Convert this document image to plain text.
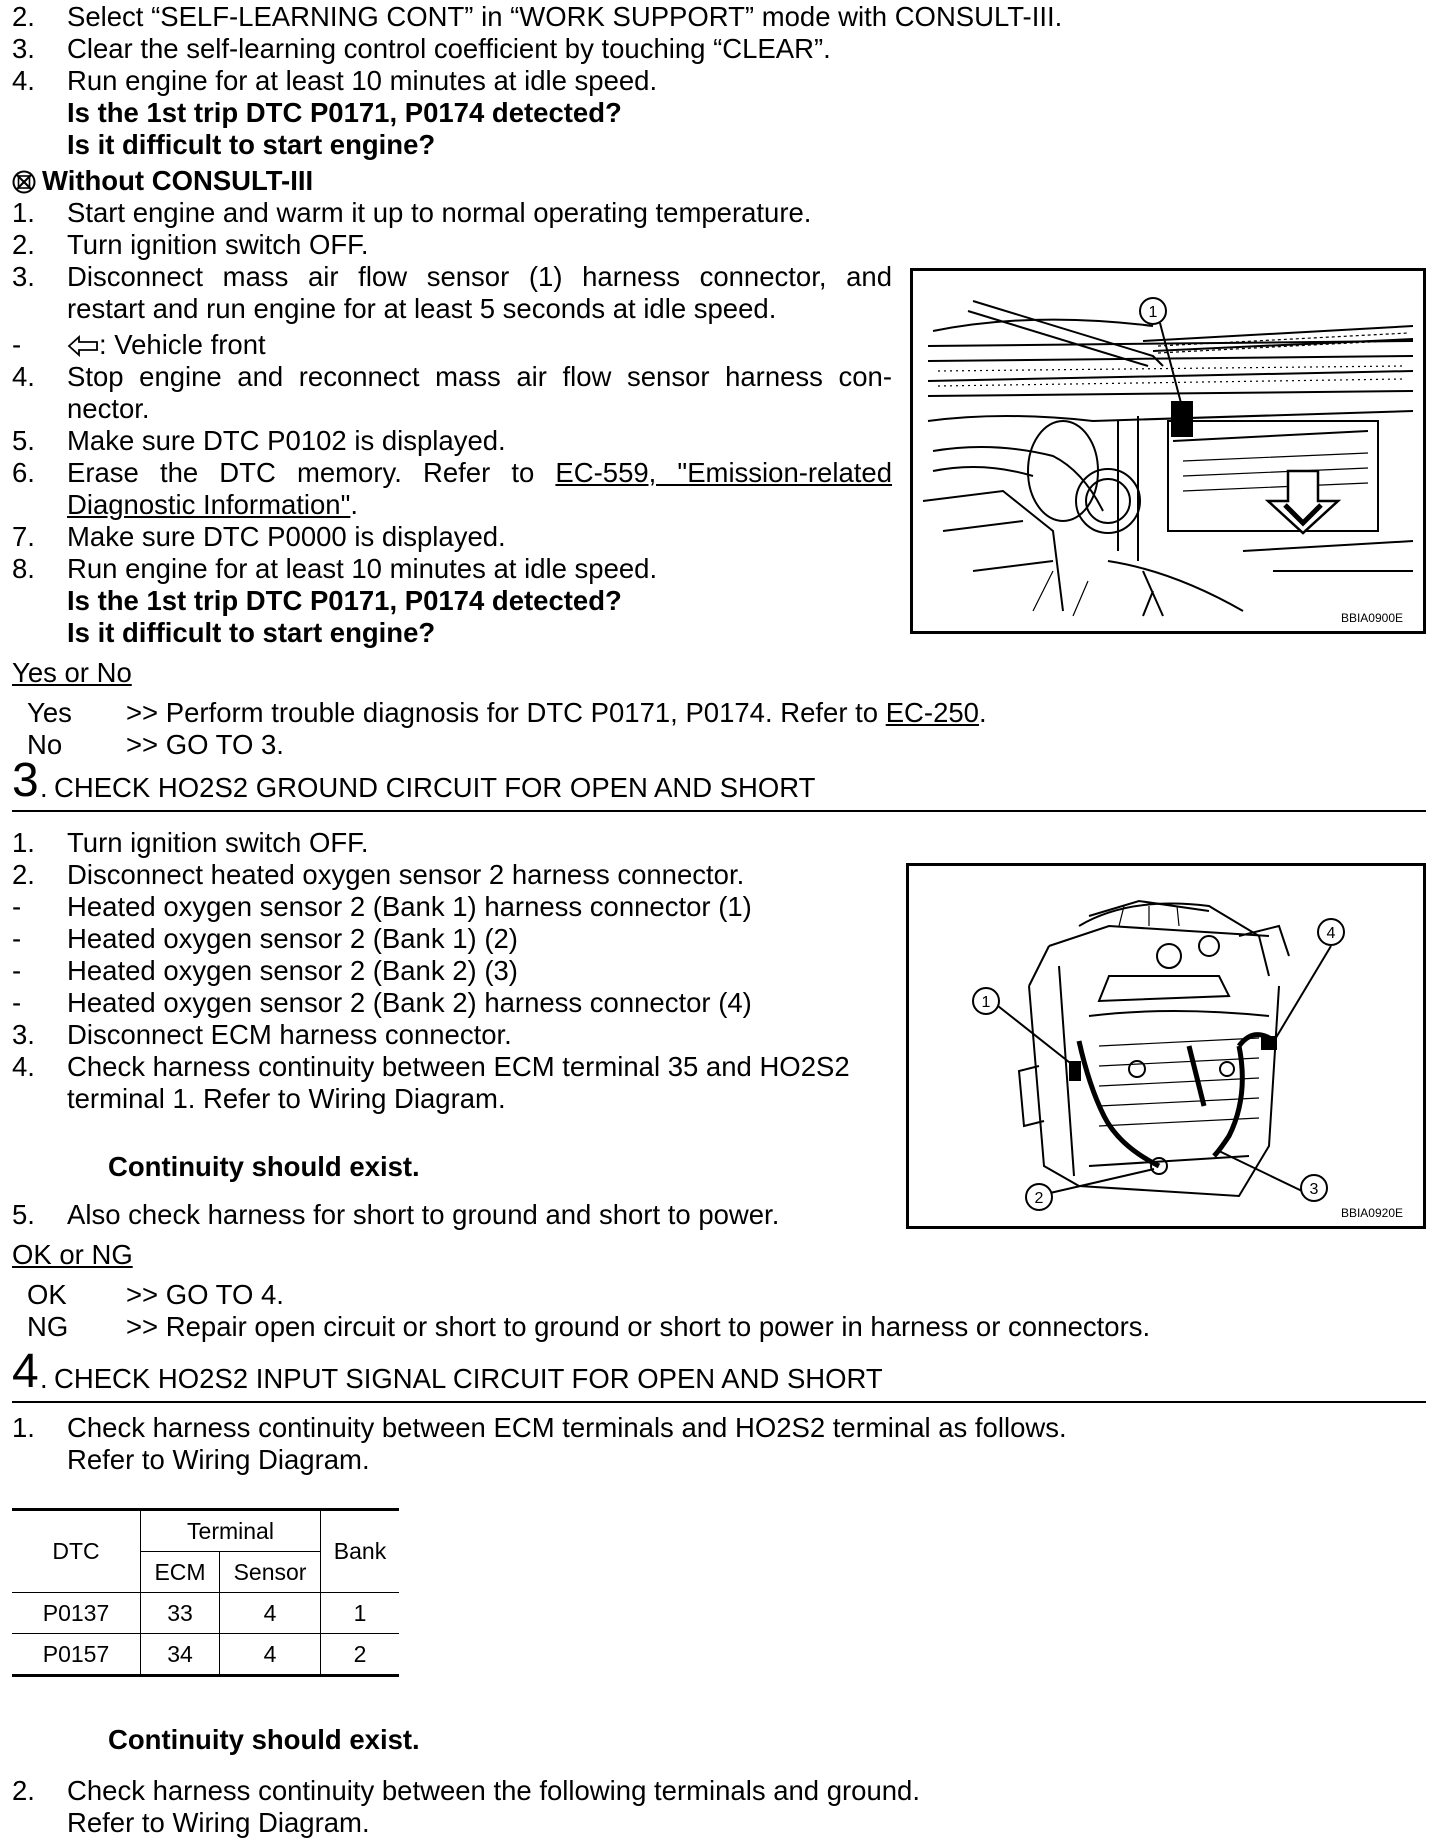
2.	Select “SELF-LEARNING CONT” in “WORK SUPPORT” mode with CONSULT-III.
3.	Clear the self-learning control coefficient by touching “CLEAR”.
4.	Run engine for at least 10 minutes at idle speed.
Is the 1st trip DTC P0171, P0174 detected?
Is it difficult to start engine?
Without CONSULT-III
1.	Start engine and warm it up to normal operating temperature.
2.	Turn ignition switch OFF.
3.	Disconnect mass air flow sensor (1) harness connector, and
restart and run engine for at least 5 seconds at idle speed.
-	: Vehicle front
4.	Stop engine and reconnect mass air flow sensor harness con-
nector.
5.	Make sure DTC P0102 is displayed.
6.	Erase the DTC memory. Refer to EC-559, "Emission-related
Diagnostic Information".
7.	Make sure DTC P0000 is displayed.
8.	Run engine for at least 10 minutes at idle speed.
Is the 1st trip DTC P0171, P0174 detected?
Is it difficult to start engine?
Yes or No
Yes >> Perform trouble diagnosis for DTC P0171, P0174. Refer to EC-250.
No >> GO TO 3.
1
BBIA0900E
3 . CHECK HO2S2 GROUND CIRCUIT FOR OPEN AND SHORT
1.	Turn ignition switch OFF.
2.	Disconnect heated oxygen sensor 2 harness connector.
-	Heated oxygen sensor 2 (Bank 1) harness connector (1)
-	Heated oxygen sensor 2 (Bank 1) (2)
-	Heated oxygen sensor 2 (Bank 2) (3)
-	Heated oxygen sensor 2 (Bank 2) harness connector (4)
3.	Disconnect ECM harness connector.
4.	Check harness continuity between ECM terminal 35 and HO2S2
terminal 1. Refer to Wiring Diagram.
Continuity should exist.
5.	Also check harness for short to ground and short to power.
OK or NG
OK >> GO TO 4.
NG >> Repair open circuit or short to ground or short to power in harness or connectors.
1
2
3
4
BBIA0920E
4 . CHECK HO2S2 INPUT SIGNAL CIRCUIT FOR OPEN AND SHORT
1.	Check harness continuity between ECM terminals and HO2S2 terminal as follows.
Refer to Wiring Diagram.
DTC	Terminal		Bank
	ECM	Sensor	
P0137	33	4	1
P0157	34	4	2
Continuity should exist.
2.	Check harness continuity between the following terminals and ground.
Refer to Wiring Diagram.
